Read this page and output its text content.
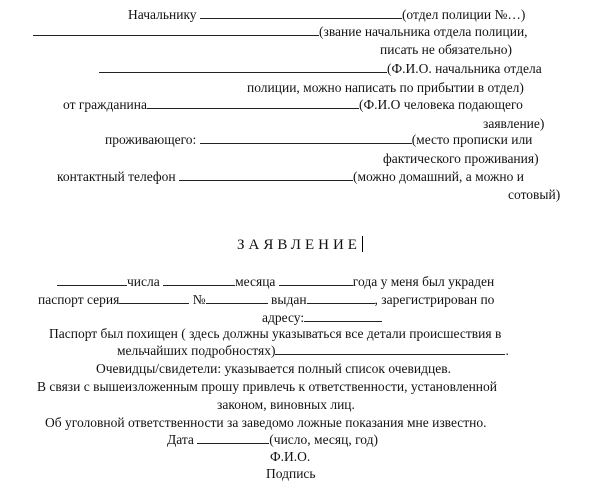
Начальнику	(отдел полиции №…)
(звание начальника отдела полиции,
писать не обязательно)
(Ф.И.О. начальника отдела
полиции, можно написать по прибытии в отдел)
от гражданина	(Ф.И.О человека подающего
заявление)
проживающего:	(место прописки или
фактического проживания)
контактный телефон	(можно домашний, а можно и
сотовый)
ЗАЯВЛЕНИЕ
числа	месяца	года у меня был украден
паспорт серия	№	выдан	, зарегистрирован по
адресу:
Паспорт был похищен ( здесь должны указываться все детали происшествия в
мельчайших подробностях)	.
Очевидцы/свидетели: указывается полный список очевидцев.
В связи с вышеизложенным прошу привлечь к ответственности, установленной
законом, виновных лиц.
Об уголовной ответственности за заведомо ложные показания мне известно.
Дата	(число, месяц, год)
Ф.И.О.
Подпись
